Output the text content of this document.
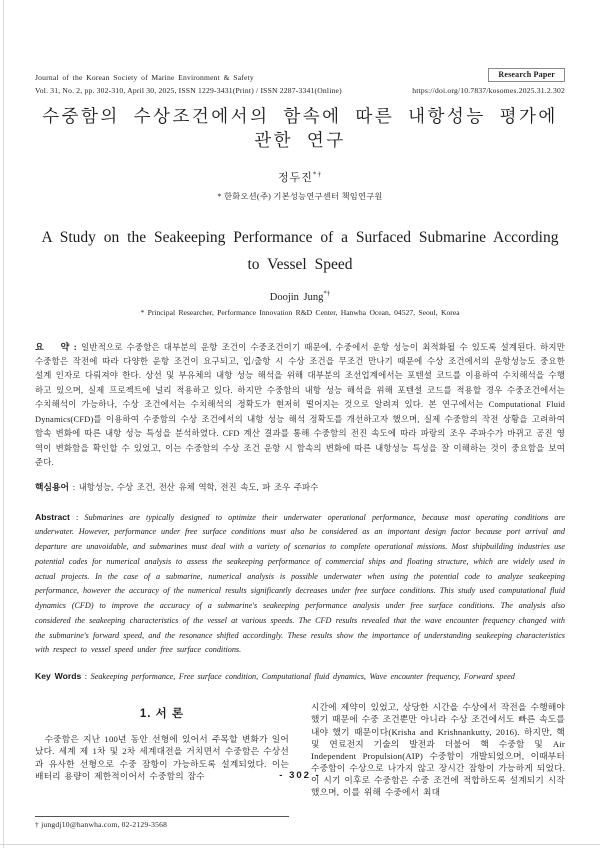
Journal of the Korean Society of Marine Environment & Safety	Research Paper
Vol. 31, No. 2, pp. 302-310, April 30, 2025, ISSN 1229-3431(Print) / ISSN 2287-3341(Online)	https://doi.org/10.7837/kosomes.2025.31.2.302
수중함의 수상조건에서의 함속에 따른 내항성능 평가에 관한 연구
정두진*†
* 한화오션(주) 기본성능연구센터 책임연구원
A Study on the Seakeeping Performance of a Surfaced Submarine According to Vessel Speed
Doojin Jung*†
* Principal Researcher, Performance Innovation R&D Center, Hanwha Ocean, 04527, Seoul, Korea

요    약 : 일반적으로 수중함은 대부분의 운항 조건이 수중조건이기 때문에, 수중에서 운항 성능이 최적화될 수 있도록 설계된다. 하지만 수중함은 작전에 따라 다양한 운항 조건이 요구되고, 입/출항 시 수상 조건을 무조건 만나기 때문에 수상 조건에서의 운항성능도 중요한 설계 인자로 다뤄져야 한다. 상선 및 부유체의 내항 성능 해석을 위해 대부분의 조선업계에서는 포텐셜 코드를 이용하여 수치해석을 수행하고 있으며, 실제 프로젝트에 널리 적용하고 있다. 하지만 수중함의 내항 성능 해석을 위해 포텐셜 코드를 적용할 경우 수중조건에서는 수치해석이 가능하나, 수상 조건에서는 수치해석의 정확도가 현저히 떨어지는 것으로 알려져 있다. 본 연구에서는 Computational Fluid Dynamics(CFD)를 이용하여 수중함의 수상 조건에서의 내항 성능 해석 정확도를 개선하고자 했으며, 실제 수중함의 작전 상황을 고려하여 함속 변화에 따른 내항 성능 특성을 분석하였다. CFD 계산 결과를 통해 수중함의 전진 속도에 따라 파랑의 조우 주파수가 바뀌고 공진 영역이 변화함을 확인할 수 있었고, 이는 수중함의 수상 조건 운항 시 함속의 변화에 따른 내항성능 특성을 잘 이해하는 것이 중요함을 보여준다.

핵심용어 : 내항성능, 수상 조건, 전산 유체 역학, 전진 속도, 파 조우 주파수

Abstract : Submarines are typically designed to optimize their underwater operational performance, because most operating conditions are underwater. However, performance under free surface conditions must also be considered as an important design factor because port arrival and departure are unavoidable, and submarines must deal with a variety of scenarios to complete operational missions. Most shipbuilding industries use potential codes for numerical analysis to assess the seakeeping performance of commercial ships and floating structure, which are widely used in actual projects. In the case of a submarine, numerical analysis is possible underwater when using the potential code to analyze seakeeping performance, however the accuracy of the numerical results significantly decreases under free surface conditions. This study used computational fluid dynamics (CFD) to improve the accuracy of a submarine's seakeeping performance analysis under free surface conditions. The analysis also considered the seakeeping characteristics of the vessel at various speeds. The CFD results revealed that the wave encounter frequency changed with the submarine's forward speed, and the resonance shifted accordingly. These results show the importance of understanding seakeeping characteristics with respect to vessel speed under free surface conditions.

Key Words : Seakeeping performance, Free surface condition, Computational fluid dynamics, Wave encounter frequency, Forward speed

1. 서 론

수중함은 지난 100년 동안 선형에 있어서 주목할 변화가 일어났다. 세계 제 1차 및 2차 세계대전을 거치면서 수중함은 수상선과 유사한 선형으로 수중 잠항이 가능하도록 설계되었다. 이는 배터리 용량이 제한적이어서 수중함의 잠수

† jungdj10@hanwha.com, 02-2129-3568

시간에 제약이 있었고, 상당한 시간을 수상에서 작전을 수행해야 했기 때문에 수중 조건뿐만 아니라 수상 조건에서도 빠른 속도를 내야 했기 때문이다(Krisha and Krishnankutty, 2016). 하지만, 핵 및 연료전지 기술의 발전과 더불어 핵 수중함 및 Air Independent Propulsion(AIP) 수중함이 개발되었으며, 이때부터 수중함이 수상으로 나가지 않고 장시간 잠항이 가능하게 되었다. 이 시기 이후로 수중함은 수중 조건에 적합하도록 설계되기 시작했으며, 이를 위해 수중에서 최대

- 302 -
